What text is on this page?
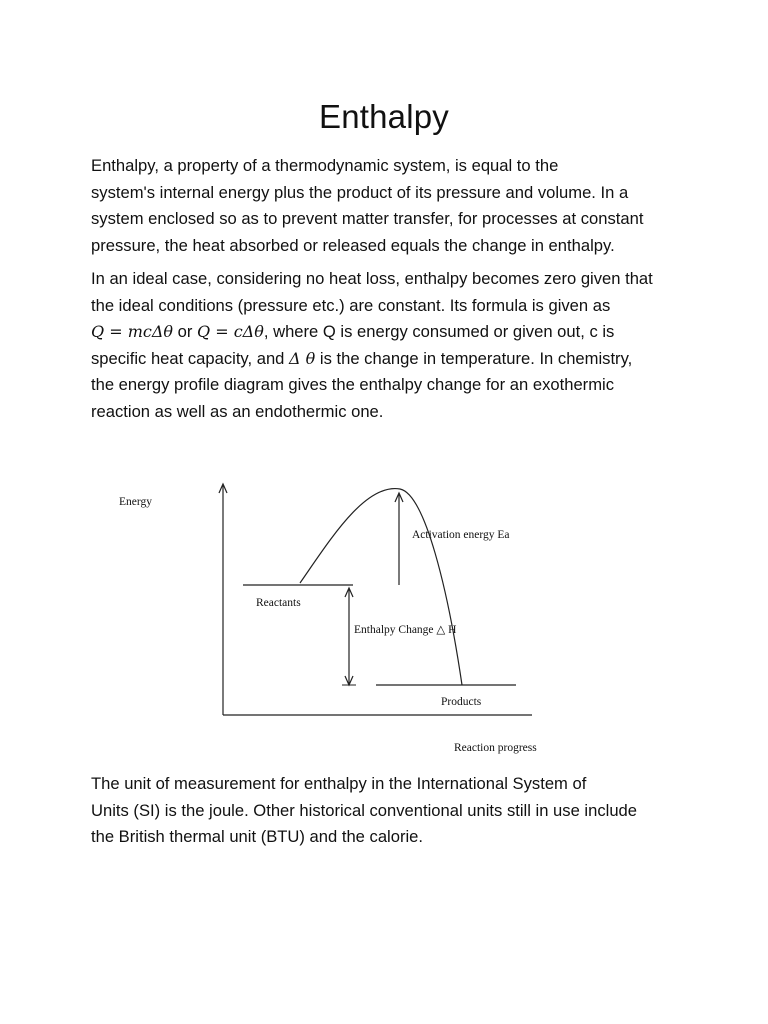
Enthalpy

Enthalpy, a property of a thermodynamic system, is equal to the
system's internal energy plus the product of its pressure and volume. In a
system enclosed so as to prevent matter transfer, for processes at constant
pressure, the heat absorbed or released equals the change in enthalpy.

In an ideal case, considering no heat loss, enthalpy becomes zero given that
the ideal conditions (pressure etc.) are constant. Its formula is given as
Q = mcΔθ or Q = cΔθ, where Q is energy consumed or given out, c is
specific heat capacity, and Δ θ is the change in temperature. In chemistry,
the energy profile diagram gives the enthalpy change for an exothermic
reaction as well as an endothermic one.

Energy
Activation energy Ea
Reactants
Enthalpy Change △ H
Products
Reaction progress

The unit of measurement for enthalpy in the International System of
Units (SI) is the joule. Other historical conventional units still in use include
the British thermal unit (BTU) and the calorie.
